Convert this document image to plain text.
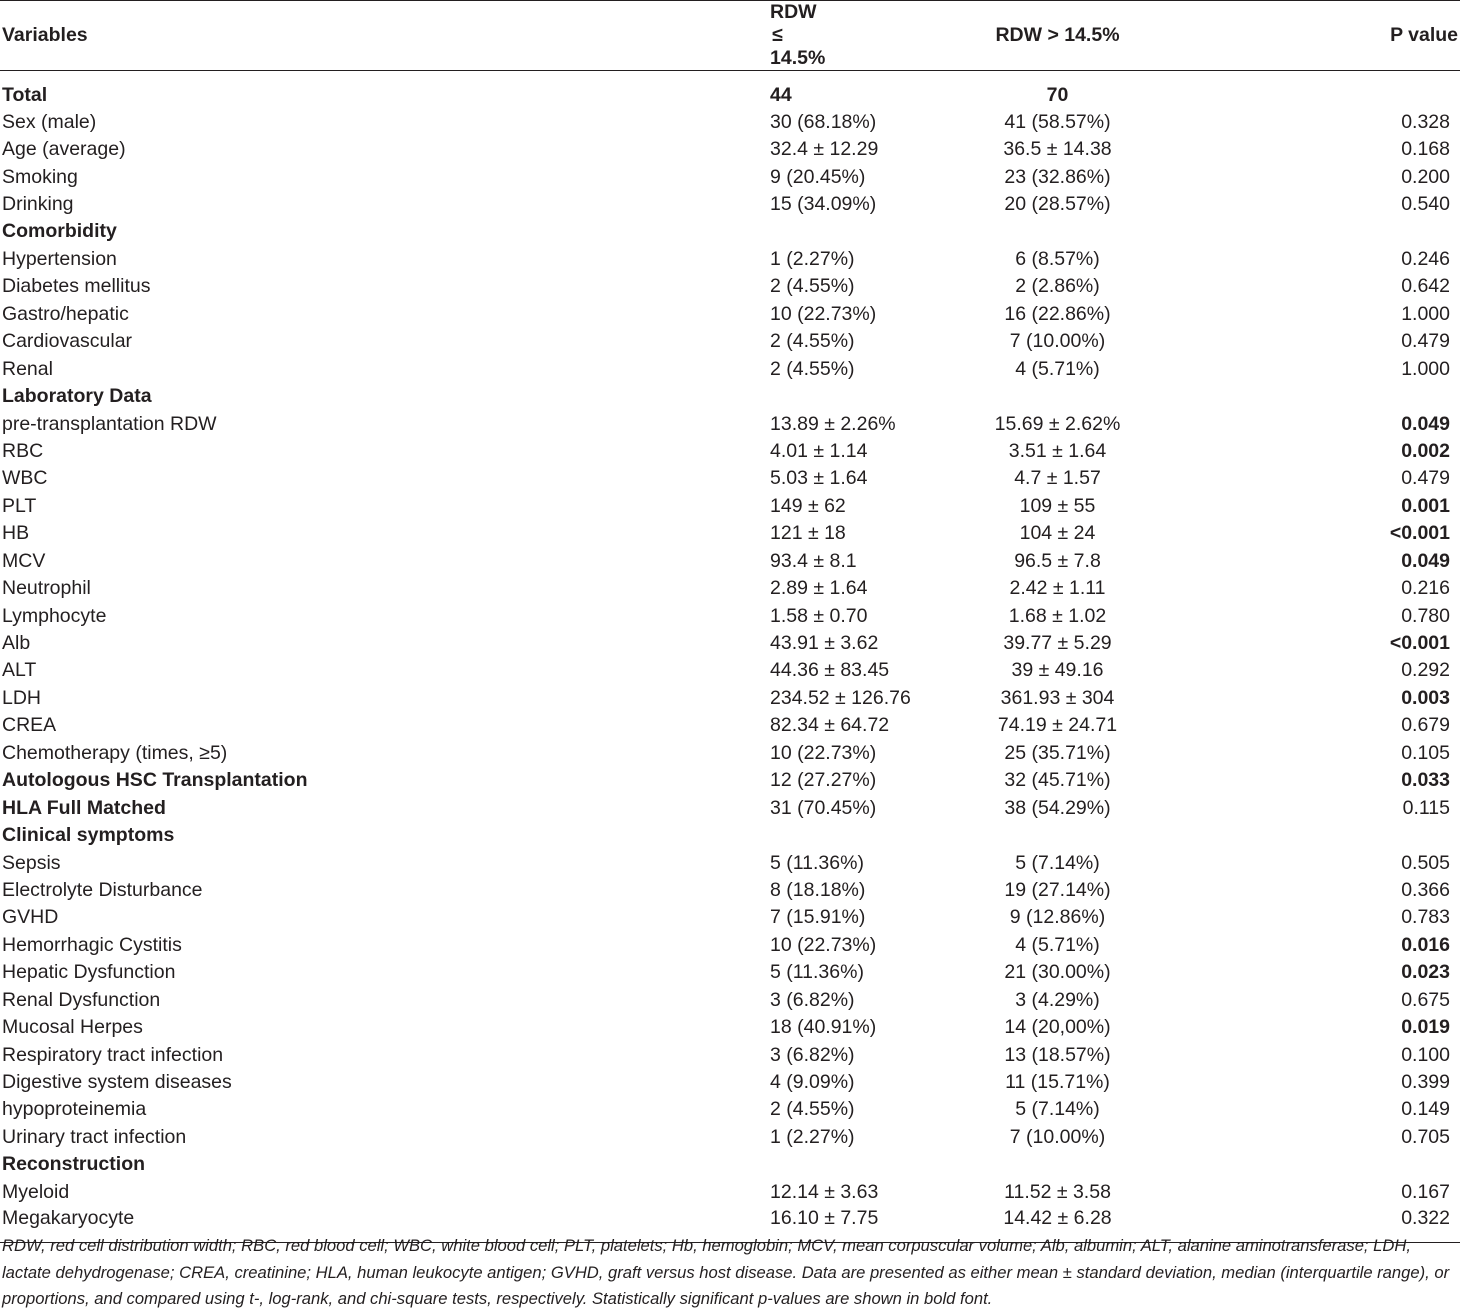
Variables	RDW ≤ 14.5%	RDW > 14.5%	P value
Total	44	70	
Sex (male)	30 (68.18%)	41 (58.57%)	0.328
Age (average)	32.4 ± 12.29	36.5 ± 14.38	0.168
Smoking	9 (20.45%)	23 (32.86%)	0.200
Drinking	15 (34.09%)	20 (28.57%)	0.540
Comorbidity			
Hypertension	1 (2.27%)	6 (8.57%)	0.246
Diabetes mellitus	2 (4.55%)	2 (2.86%)	0.642
Gastro/hepatic	10 (22.73%)	16 (22.86%)	1.000
Cardiovascular	2 (4.55%)	7 (10.00%)	0.479
Renal	2 (4.55%)	4 (5.71%)	1.000
Laboratory Data			
pre-transplantation RDW	13.89 ± 2.26%	15.69 ± 2.62%	0.049
RBC	4.01 ± 1.14	3.51 ± 1.64	0.002
WBC	5.03 ± 1.64	4.7 ± 1.57	0.479
PLT	149 ± 62	109 ± 55	0.001
HB	121 ± 18	104 ± 24	<0.001
MCV	93.4 ± 8.1	96.5 ± 7.8	0.049
Neutrophil	2.89 ± 1.64	2.42 ± 1.11	0.216
Lymphocyte	1.58 ± 0.70	1.68 ± 1.02	0.780
Alb	43.91 ± 3.62	39.77 ± 5.29	<0.001
ALT	44.36 ± 83.45	39 ± 49.16	0.292
LDH	234.52 ± 126.76	361.93 ± 304	0.003
CREA	82.34 ± 64.72	74.19 ± 24.71	0.679
Chemotherapy (times, ≥5)	10 (22.73%)	25 (35.71%)	0.105
Autologous HSC Transplantation	12 (27.27%)	32 (45.71%)	0.033
HLA Full Matched	31 (70.45%)	38 (54.29%)	0.115
Clinical symptoms			
Sepsis	5 (11.36%)	5 (7.14%)	0.505
Electrolyte Disturbance	8 (18.18%)	19 (27.14%)	0.366
GVHD	7 (15.91%)	9 (12.86%)	0.783
Hemorrhagic Cystitis	10 (22.73%)	4 (5.71%)	0.016
Hepatic Dysfunction	5 (11.36%)	21 (30.00%)	0.023
Renal Dysfunction	3 (6.82%)	3 (4.29%)	0.675
Mucosal Herpes	18 (40.91%)	14 (20,00%)	0.019
Respiratory tract infection	3 (6.82%)	13 (18.57%)	0.100
Digestive system diseases	4 (9.09%)	11 (15.71%)	0.399
hypoproteinemia	2 (4.55%)	5 (7.14%)	0.149
Urinary tract infection	1 (2.27%)	7 (10.00%)	0.705
Reconstruction			
Myeloid	12.14 ± 3.63	11.52 ± 3.58	0.167
Megakaryocyte	16.10 ± 7.75	14.42 ± 6.28	0.322

RDW, red cell distribution width; RBC, red blood cell; WBC, white blood cell; PLT, platelets; Hb, hemoglobin; MCV, mean corpuscular volume; Alb, albumin; ALT, alanine aminotransferase; LDH, lactate dehydrogenase; CREA, creatinine; HLA, human leukocyte antigen; GVHD, graft versus host disease. Data are presented as either mean ± standard deviation, median (interquartile range), or proportions, and compared using t-, log-rank, and chi-square tests, respectively. Statistically significant p-values are shown in bold font.
